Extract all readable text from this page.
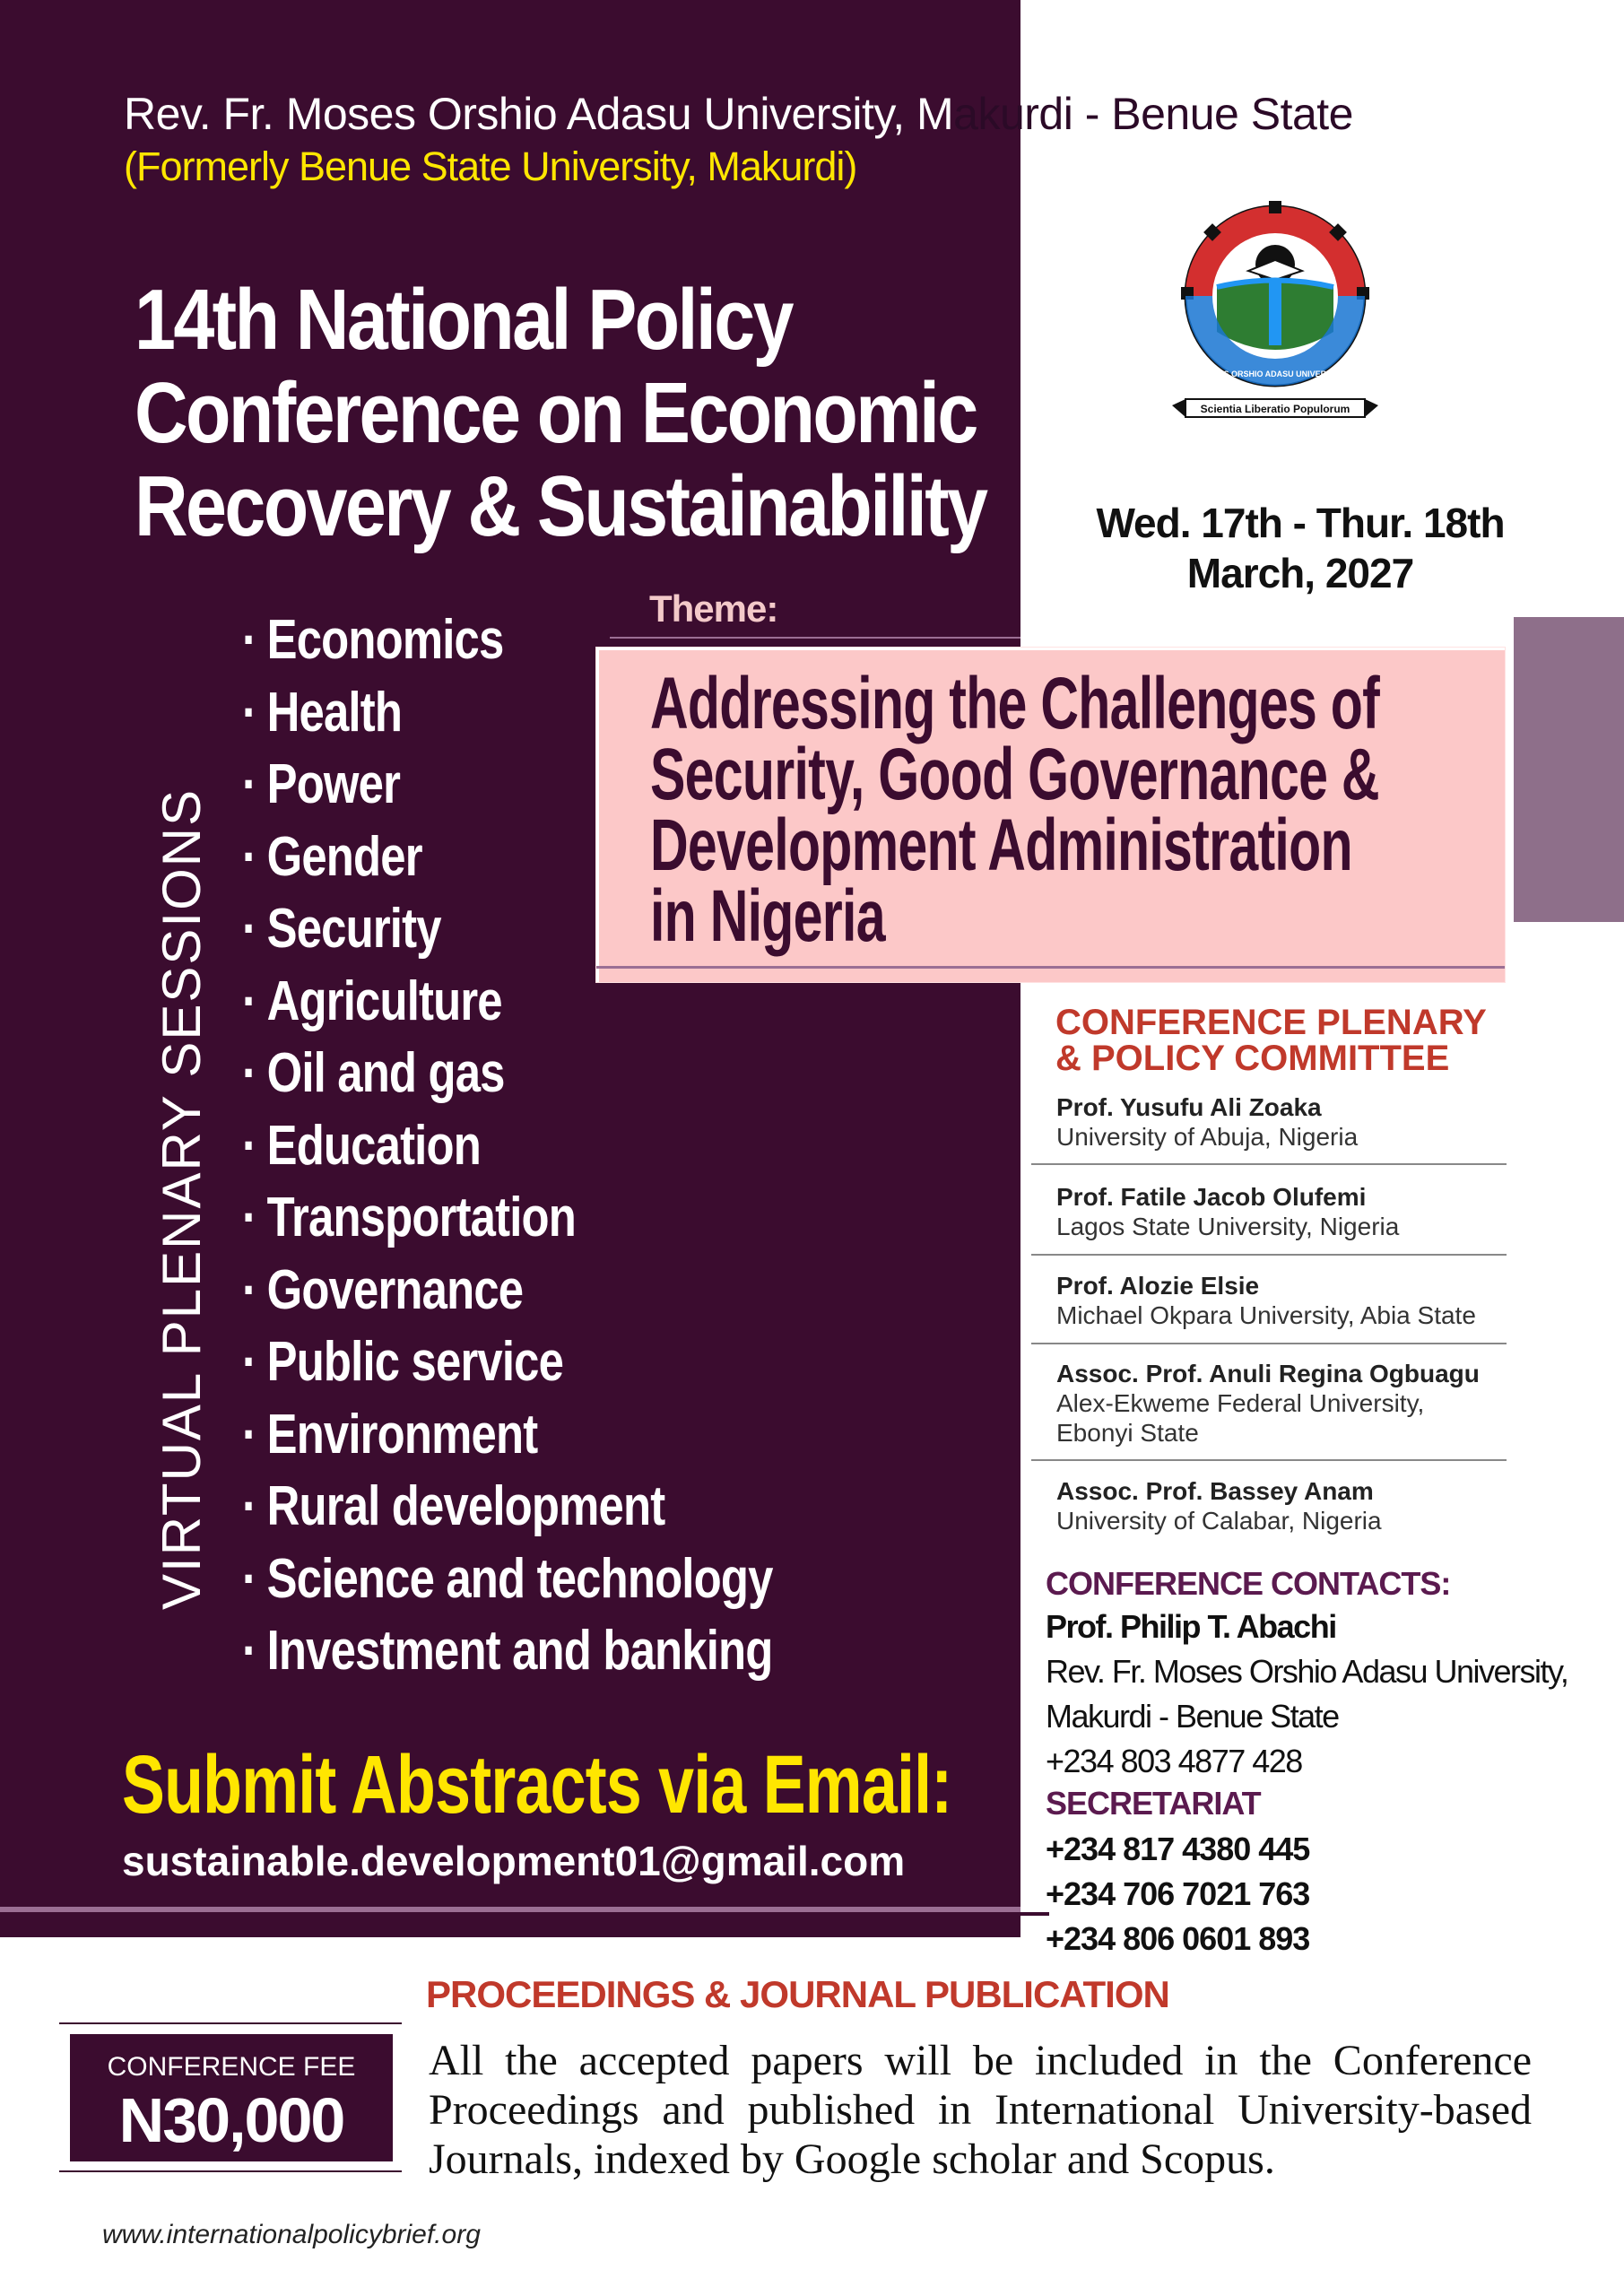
Rev. Fr. Moses Orshio Adasu University, Makurdi - Benue State
(Formerly Benue State University, Makurdi)
REV. FR. MOSES ORSHIO ADASU UNIVERSITY, MAKURDI
Scientia Liberatio Populorum
14th National Policy
Conference on Economic
Recovery & Sustainability	Wed. 17th - Thur. 18th
March, 2027
VIRTUAL PLENARY SESSIONS
· Economics
· Health
· Power
· Gender
· Security
· Agriculture
· Oil and gas
· Education
· Transportation
· Governance
· Public service
· Environment
· Rural development
· Science and technology
· Investment and banking
Theme:
Addressing the Challenges of
Security, Good Governance &
Development Administration
in Nigeria
CONFERENCE PLENARY
& POLICY COMMITTEE
Prof. Yusufu Ali Zoaka
University of Abuja, Nigeria
Prof. Fatile Jacob Olufemi
Lagos State University, Nigeria
Prof. Alozie Elsie
Michael Okpara University, Abia State
Assoc. Prof. Anuli Regina Ogbuagu
Alex-Ekweme Federal University,
Ebonyi State
Assoc. Prof. Bassey Anam
University of Calabar, Nigeria
CONFERENCE CONTACTS:
Prof. Philip T. Abachi
Rev. Fr. Moses Orshio Adasu University,
Makurdi - Benue State
+234 803 4877 428
SECRETARIAT
+234 817 4380 445
+234 706 7021 763
+234 806 0601 893
Submit Abstracts via Email:
sustainable.development01@gmail.com
PROCEEDINGS & JOURNAL PUBLICATION
All the accepted papers will be included in the Conference Proceedings and published in International University-based Journals, indexed by Google scholar and Scopus.
CONFERENCE FEE
N30,000
www.internationalpolicybrief.org
